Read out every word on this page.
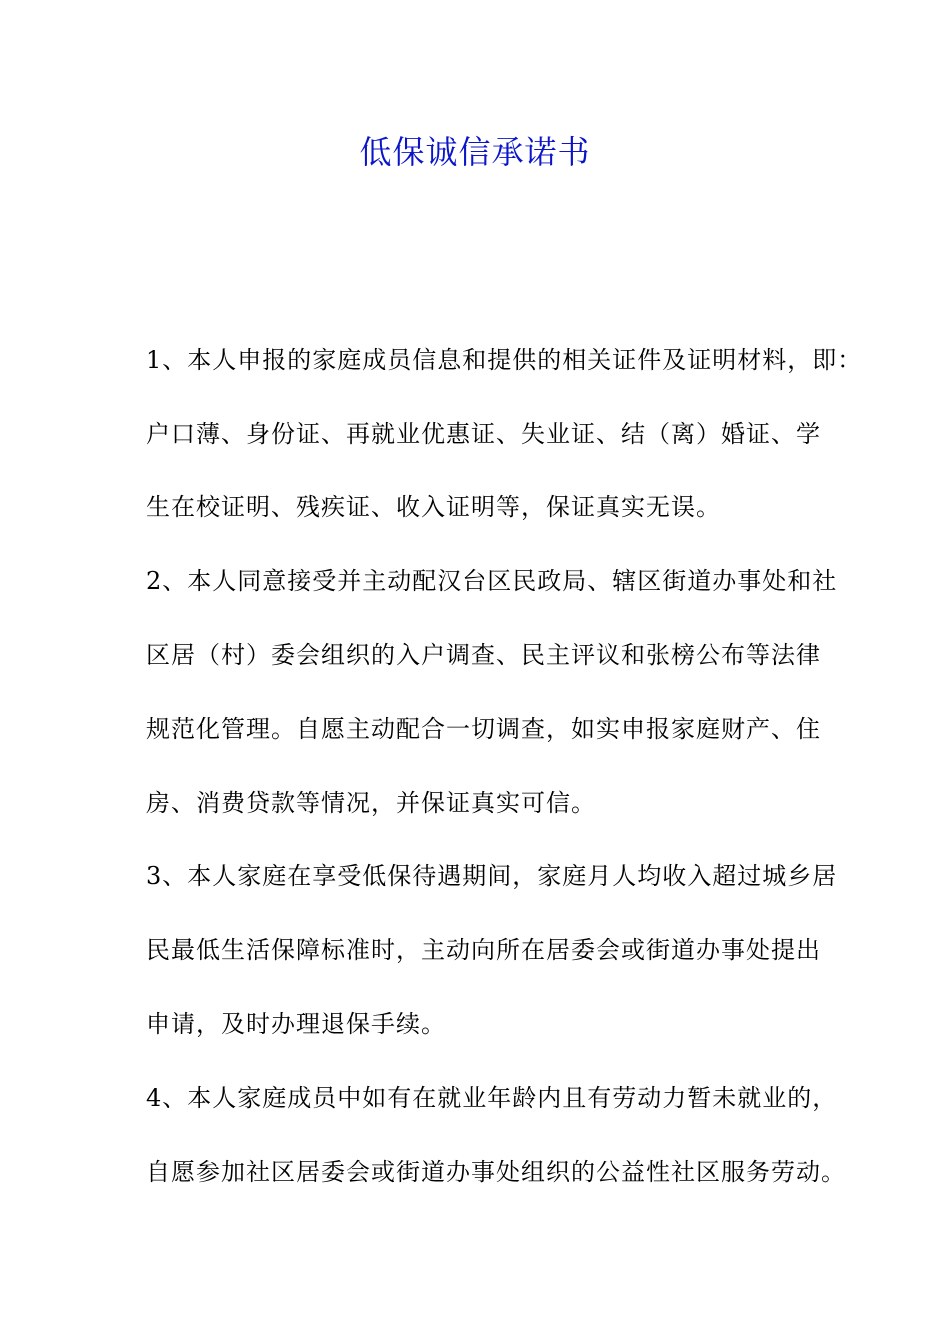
低保诚信承诺书
1、本人申报的家庭成员信息和提供的相关证件及证明材料，即：
户口薄、身份证、再就业优惠证、失业证、结（离）婚证、学
生在校证明、残疾证、收入证明等，保证真实无误。
2、本人同意接受并主动配汉台区民政局、辖区街道办事处和社
区居（村）委会组织的入户调查、民主评议和张榜公布等法律
规范化管理。自愿主动配合一切调查，如实申报家庭财产、住
房、消费贷款等情况，并保证真实可信。
3、本人家庭在享受低保待遇期间，家庭月人均收入超过城乡居
民最低生活保障标准时，主动向所在居委会或街道办事处提出
申请，及时办理退保手续。
4、本人家庭成员中如有在就业年龄内且有劳动力暂未就业的，
自愿参加社区居委会或街道办事处组织的公益性社区服务劳动。
